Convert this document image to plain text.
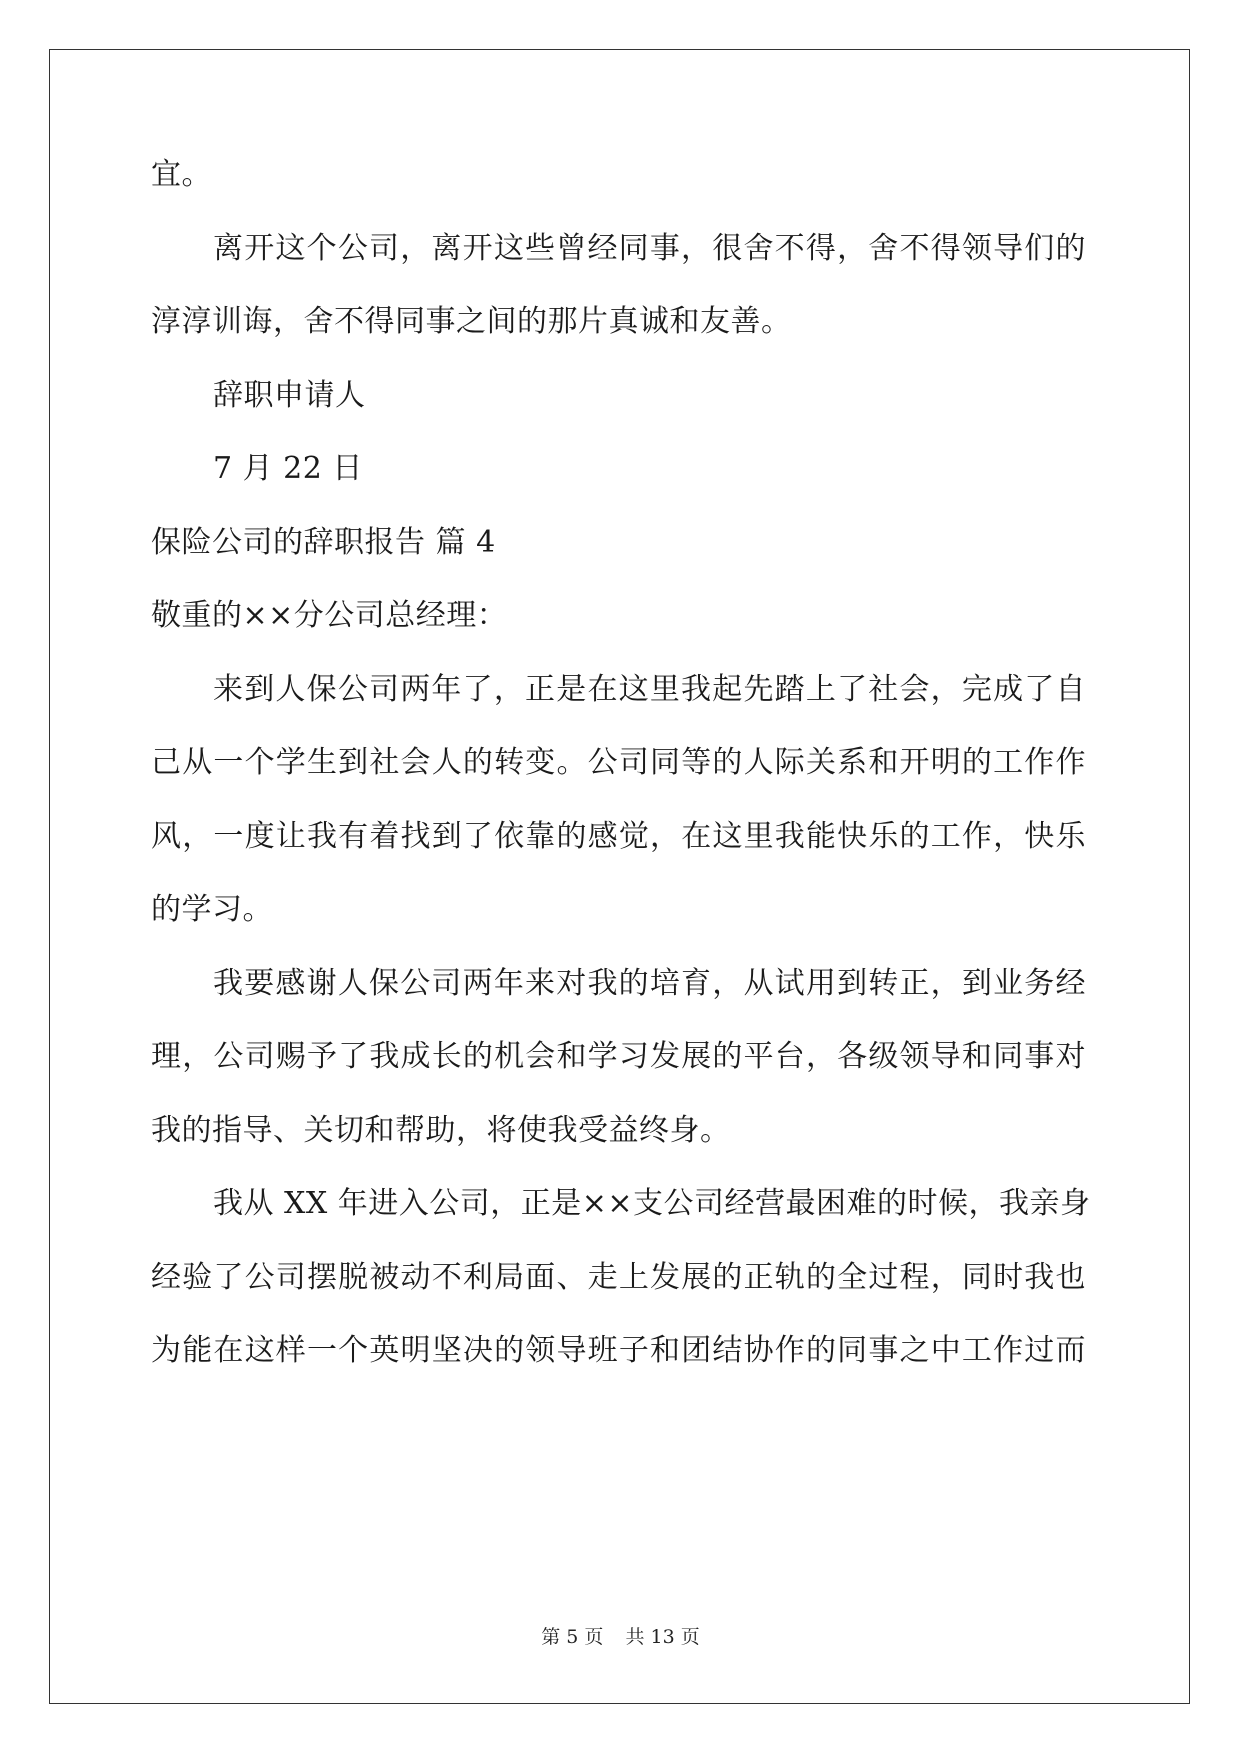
宜。
离开这个公司，离开这些曾经同事，很舍不得，舍不得领导们的
淳淳训诲，舍不得同事之间的那片真诚和友善。
辞职申请人
7 月 22 日
保险公司的辞职报告 篇 4
敬重的××分公司总经理：
来到人保公司两年了，正是在这里我起先踏上了社会，完成了自
己从一个学生到社会人的转变。公司同等的人际关系和开明的工作作
风，一度让我有着找到了依靠的感觉，在这里我能快乐的工作，快乐
的学习。
我要感谢人保公司两年来对我的培育，从试用到转正，到业务经
理，公司赐予了我成长的机会和学习发展的平台，各级领导和同事对
我的指导、关切和帮助，将使我受益终身。
我从 XX 年进入公司，正是××支公司经营最困难的时候，我亲身
经验了公司摆脱被动不利局面、走上发展的正轨的全过程，同时我也
为能在这样一个英明坚决的领导班子和团结协作的同事之中工作过而
第 5 页 共 13 页
